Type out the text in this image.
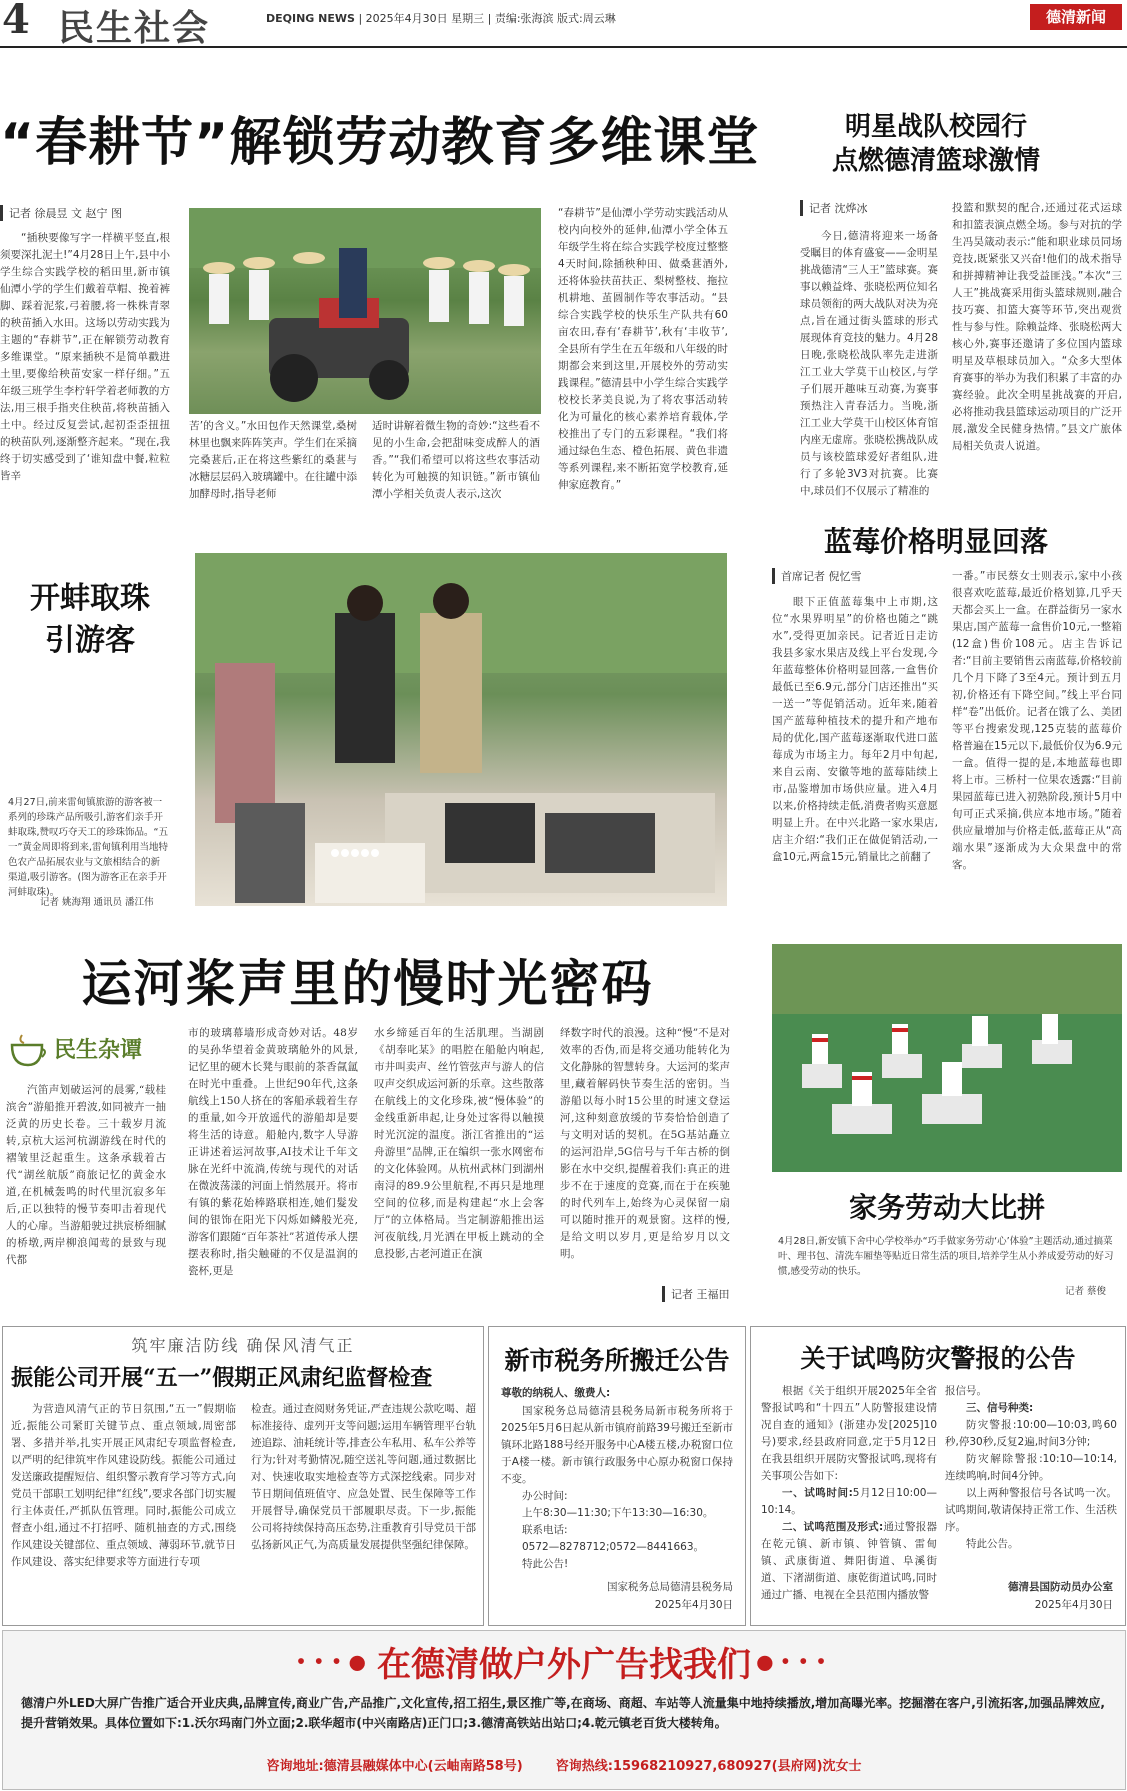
4 民生社会	DEQING NEWS | 2025年4月30日 星期三 | 责编:张海滨 版式:周云琳	德清新闻
“春耕节”解锁劳动教育多维课堂
记者 徐晨昱 文 赵宁 图

“插秧要像写字一样横平竖直,根须要深扎泥土!”4月28日上午,县中小学生综合实践学校的稻田里,新市镇仙潭小学的学生们戴着草帽、挽着裤脚、踩着泥浆,弓着腰,将一株株青翠的秧苗插入水田。这场以劳动实践为主题的“春耕节”,正在解锁劳动教育多维课堂。“原来插秧不是简单戳进土里,要像给秧苗安家一样仔细。”五年级三班学生李柠轩学着老师教的方法,用三根手指夹住秧苗,将秧苗插入土中。经过反复尝试,起初歪歪扭扭的秧苗队列,逐渐整齐起来。“现在,我终于切实感受到了‘谁知盘中餐,粒粒皆辛

苦’的含义。”水田包作天然课堂,桑树林里也飘来阵阵笑声。学生们在采摘完桑葚后,正在将这些紫红的桑葚与冰糖层层码入玻璃罐中。在往罐中添加酵母时,指导老师

适时讲解着微生物的奇妙:“这些看不见的小生命,会把甜味变成醉人的酒香。”“我们希望可以将这些农事活动转化为可触摸的知识链。”新市镇仙潭小学相关负责人表示,这次

“春耕节”是仙潭小学劳动实践活动从校内向校外的延伸,仙潭小学全体五年级学生将在综合实践学校度过整整4天时间,除插秧种田、做桑葚酒外,还将体验扶苗扶正、梨树整枝、拖拉机耕地、茧圆制作等农事活动。“县综合实践学校的快乐生产队共有60亩农田,春有‘春耕节’,秋有‘丰收节’,全县所有学生在五年级和八年级的时期都会来到这里,开展校外的劳动实践课程。”德清县中小学生综合实践学校校长茅美良说,为了将农事活动转化为可量化的核心素养培育载体,学校推出了专门的五彩课程。“我们将通过绿色生态、橙色拓展、黄色非遗等系列课程,来不断拓宽学校教育,延伸家庭教育。”

明星战队校园行
点燃德清篮球激情
记者 沈烨冰

今日,德清将迎来一场备受瞩目的体育盛宴——金明星挑战德清“三人王”篮球赛。赛事以赖益烽、张晓松两位知名球员领衔的两大战队对决为亮点,旨在通过街头篮球的形式展现体育竞技的魅力。4月28日晚,张晓松战队率先走进浙江工业大学莫干山校区,与学子们展开趣味互动赛,为赛事预热注入青春活力。当晚,浙江工业大学莫干山校区体育馆内座无虚席。张晓松携战队成员与该校篮球爱好者组队,进行了多轮3V3对抗赛。比赛中,球员们不仅展示了精准的

投篮和默契的配合,还通过花式运球和扣篮表演点燃全场。参与对抗的学生冯昊箴动表示:“能和职业球员同场竞技,既紧张又兴奋!他们的战术指导和拼搏精神让我受益匪浅。”本次“三人王”挑战赛采用街头篮球规则,融合技巧赛、扣篮大赛等环节,突出观赏性与参与性。除赖益烽、张晓松两大核心外,赛事还邀请了多位国内篮球明星及草根球员加入。“众多大型体育赛事的举办为我们积累了丰富的办赛经验。此次全明星挑战赛的开启,必将推动我县篮球运动项目的广泛开展,激发全民健身热情。”县文广旅体局相关负责人说道。

开蚌取珠
引游客
4月27日,前来雷甸镇旅游的游客被一系列的珍珠产品所吸引,游客们亲手开蚌取珠,赞叹巧夺天工的珍珠饰品。“五一”黄金周即将到来,雷甸镇利用当地特色农产品拓展农业与文旅相结合的新渠道,吸引游客。(图为游客正在亲手开河蚌取珠)。
记者 姚海翔 通讯员 潘江伟
蓝莓价格明显回落
首席记者 倪忆雪

眼下正值蓝莓集中上市期,这位“水果界明星”的价格也随之“跳水”,受得更加亲民。记者近日走访我县多家水果店及线上平台发现,今年蓝莓整体价格明显回落,一盒售价最低已至6.9元,部分门店还推出“买一送一”等促销活动。近年来,随着国产蓝莓种植技术的提升和产地布局的优化,国产蓝莓逐渐取代进口蓝莓成为市场主力。每年2月中旬起,来自云南、安徽等地的蓝莓陆续上市,品鉴增加市场供应量。进入4月以来,价格持续走低,消费者购买意愿明显上升。在中兴北路一家水果店,店主介绍:“我们正在做促销活动,一盒10元,两盒15元,销量比之前翻了

一番。”市民蔡女士则表示,家中小孩很喜欢吃蓝莓,最近价格划算,几乎天天都会买上一盒。在群益街另一家水果店,国产蓝莓一盒售价10元,一整箱(12盒)售价108元。店主告诉记者:“目前主要销售云南蓝莓,价格较前几个月下降了3至4元。预计到五月初,价格还有下降空间。”线上平台同样“卷”出低价。记者在饿了么、美团等平台搜索发现,125克装的蓝莓价格普遍在15元以下,最低价仅为6.9元一盒。值得一提的是,本地蓝莓也即将上市。三桥村一位果农透露:“目前果园蓝莓已进入初熟阶段,预计5月中旬可正式采摘,供应本地市场。”随着供应量增加与价格走低,蓝莓正从“高端水果”逐渐成为大众果盘中的常客。

运河桨声里的慢时光密码
民生杂谭

汽笛声划破运河的晨雾,“载桂滨舍”游船推开碧波,如同被卉一抽泛黄的历史长卷。三十载岁月流转,京杭大运河杭湖游线在时代的褶皱里泛起重生。这条承载着古代“湖丝航版”商旅记忆的黄金水道,在机械轰鸣的时代里沉寂多年后,正以独特的慢节奏叩击着现代人的心扉。当游船驶过拱宸桥细腻的桥墩,两岸柳浪闻莺的景致与现代都

市的玻璃幕墙形成奇妙对话。48岁的吴孙华望着金黄玻璃舱外的风景,记忆里的硬木长凳与眼前的茶香氤氲在时光中重叠。上世纪90年代,这条航线上150人挤在的客船承载着生存的重量,如今开放遥代的游船却是要将生活的诗意。船舱内,数字人导游正讲述着运河故事,AI技术让千年文脉在光纤中流淌,传统与现代的对话在微波荡漾的河面上悄然展开。将市有镇的紫花始棒路联相连,她们髮发间的银饰在阳光下闪烁如鳞般光亮,游客们跟随“百年茶社”茗道传承人摆摆表称时,指尖触碰的不仅是温润的瓷杯,更是

水乡缔延百年的生活肌理。当湖剧《胡奉叱某》的唱腔在船舱内响起,市井叫卖声、丝竹管弦声与游人的信叹声交织成运河新的乐章。这些散落在航线上的文化珍珠,被“慢体验”的金线重新串起,让身处过客得以触摸时光沉淀的温度。浙江省推出的“运舟游里”品牌,正在编织一张水网密布的文化体验网。从杭州武林门到湖州南浔的89.9公里航程,不再只是地理空间的位移,而是构建起“水上会客厅”的立体格局。当定制游船推出运河夜航线,月光洒在甲板上跳动的全息投影,古老河道正在演

绎数字时代的浪漫。这种“慢”不是对效率的否伪,而是将交通功能转化为文化静脉的智慧转身。大运河的桨声里,藏着解码快节奏生活的密钥。当游船以每小时15公里的时速文登运河,这种刻意放缓的节奏恰恰创造了与文明对话的契机。在5G基站矗立的运河沿岸,5G信号与千年古桥的倒影在水中交织,提醒着我们:真正的进步不在于速度的竞赛,而在于在疾驰的时代列车上,始终为心灵保留一扇可以随时推开的观景窗。这样的慢,是给文明以岁月,更是给岁月以文明。

记者 王福田
家务劳动大比拼
4月28日,新安镇下舍中心学校举办“巧手做家务劳动‘心’体验”主题活动,通过搞菜叶、理书包、清洗车厢垫等贴近日常生活的项目,培养学生从小养成爱劳动的好习惯,感受劳动的快乐。
记者 蔡俊
筑牢廉洁防线 确保风清气正
振能公司开展“五一”假期正风肃纪监督检查

为营造风清气正的节日氛围,“五一”假期临近,振能公司紧盯关键节点、重点领域,周密部署、多措并举,扎实开展正风肃纪专项监督检查,以严明的纪律筑牢作风建设防线。振能公司通过发送廉政提醒短信、组织警示教育学习等方式,向党员干部职工划明纪律“红线”,要求各部门切实履行主体责任,严抓队伍管理。同时,振能公司成立督查小组,通过不打招呼、随机抽查的方式,围绕作风建设关键部位、重点领域、薄弱环节,就节日作风建设、落实纪律要求等方面进行专项

检查。通过查阅财务凭证,严查违规公款吃喝、超标准接待、虚列开支等问题;运用车辆管理平台轨迹追踪、油耗统计等,排查公车私用、私车公养等行为;针对考勤情况,随空送礼等问题,通过数据比对、快速收取实地检查等方式深挖线索。同步对节日期间值班值守、应急处置、民生保障等工作开展督导,确保党员干部履职尽责。下一步,振能公司将持续保持高压态势,注重教育引导党员干部弘扬新风正气,为高质量发展提供坚强纪律保障。

新市税务所搬迁公告
尊敬的纳税人、缴费人:

国家税务总局德清县税务局新市税务所将于2025年5月6日起从新市镇府前路39号搬迁至新市镇环北路188号经开服务中心A楼五楼,办税窗口位于A楼一楼。新市镇行政服务中心原办税窗口保持不变。

办公时间:

上午8:30—11:30;下午13:30—16:30。

联系电话:

0572—8278712;0572—8441663。

特此公告!

国家税务总局德清县税务局
2025年4月30日
关于试鸣防灾警报的公告

根据《关于组织开展2025年全省警报试鸣和“十四五”人防警报建设情况自查的通知》(浙建办发[2025]10号)要求,经县政府同意,定于5月12日在我县组织开展防灾警报试鸣,现将有关事项公告如下:

一、试鸣时间:5月12日10:00—10:14。

二、试鸣范围及形式:通过警报器在乾元镇、新市镇、钟管镇、雷甸镇、武康街道、舞阳街道、阜溪街道、下渚湖街道、康乾街道试鸣,同时通过广播、电视在全县范围内播放警

报信号。

三、信号种类:

防灾警报:10:00—10:03,鸣60秒,停30秒,反复2遍,时间3分钟;

防灾解除警报:10:10—10:14,连续鸣响,时间4分钟。

以上两种警报信号各试鸣一次。试鸣期间,敬请保持正常工作、生活秩序。

特此公告。

德清县国防动员办公室
2025年4月30日
•••● 在德清做户外广告找我们 ●•••
德清户外LED大屏广告推广适合开业庆典,品牌宣传,商业广告,产品推广,文化宣传,招工招生,景区推广等,在商场、商超、车站等人流量集中地持续播放,增加高曝光率。挖掘潜在客户,引流拓客,加强品牌效应,提升营销效果。具体位置如下:1.沃尔玛南门外立面;2.联华超市(中兴南路店)正门口;3.德清高铁站出站口;4.乾元镇老百货大楼转角。
咨询地址:德清县融媒体中心(云岫南路58号)	咨询热线:15968210927,680927(县府网)沈女士
